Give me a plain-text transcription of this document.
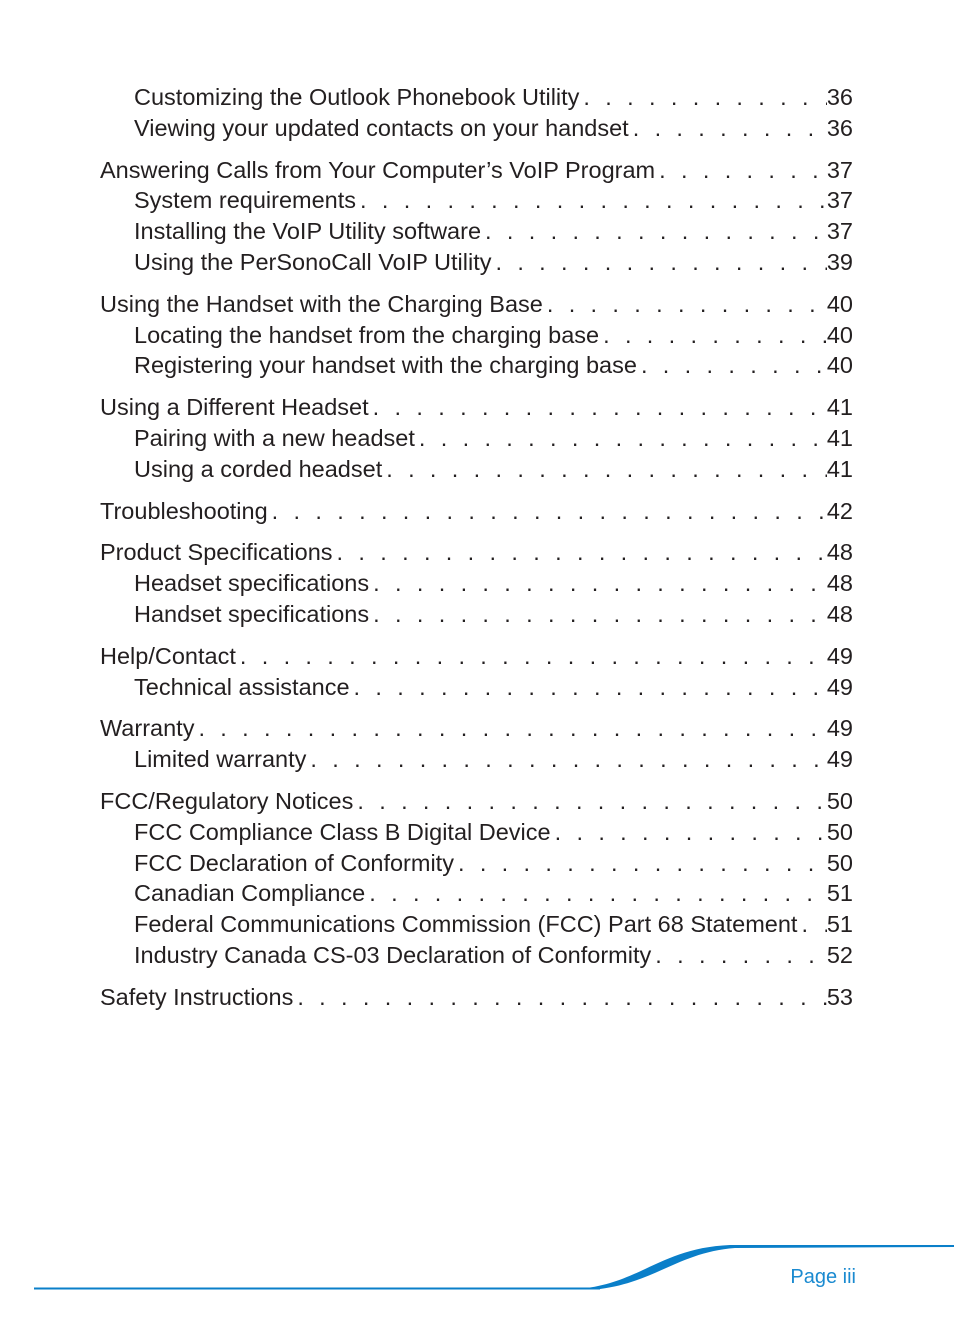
Customizing the Outlook Phonebook Utility . . .	36
Viewing your updated contacts on your handset . . .	36
Answering Calls from Your Computer’s VoIP Program . . .	37
System requirements . . .	37
Installing the VoIP Utility software . . .	37
Using the PerSonoCall VoIP Utility . . .	39
Using the Handset with the Charging Base . . .	40
Locating the handset from the charging base . . .	40
Registering your handset with the charging base . . .	40
Using a Different Headset . . .	41
Pairing with a new headset . . .	41
Using a corded headset . . .	41
Troubleshooting . . .	42
Product Specifications . . .	48
Headset specifications . . .	48
Handset specifications . . .	48
Help/Contact . . .	49
Technical assistance . . .	49
Warranty . . .	49
Limited warranty . . .	49
FCC/Regulatory Notices . . .	50
FCC Compliance Class B Digital Device . . .	50
FCC Declaration of Conformity . . .	50
Canadian Compliance . . .	51
Federal Communications Commission (FCC) Part 68 Statement . . . 51
Industry Canada CS-03 Declaration of Conformity . . .	52
Safety Instructions . . .	53
Page iii
